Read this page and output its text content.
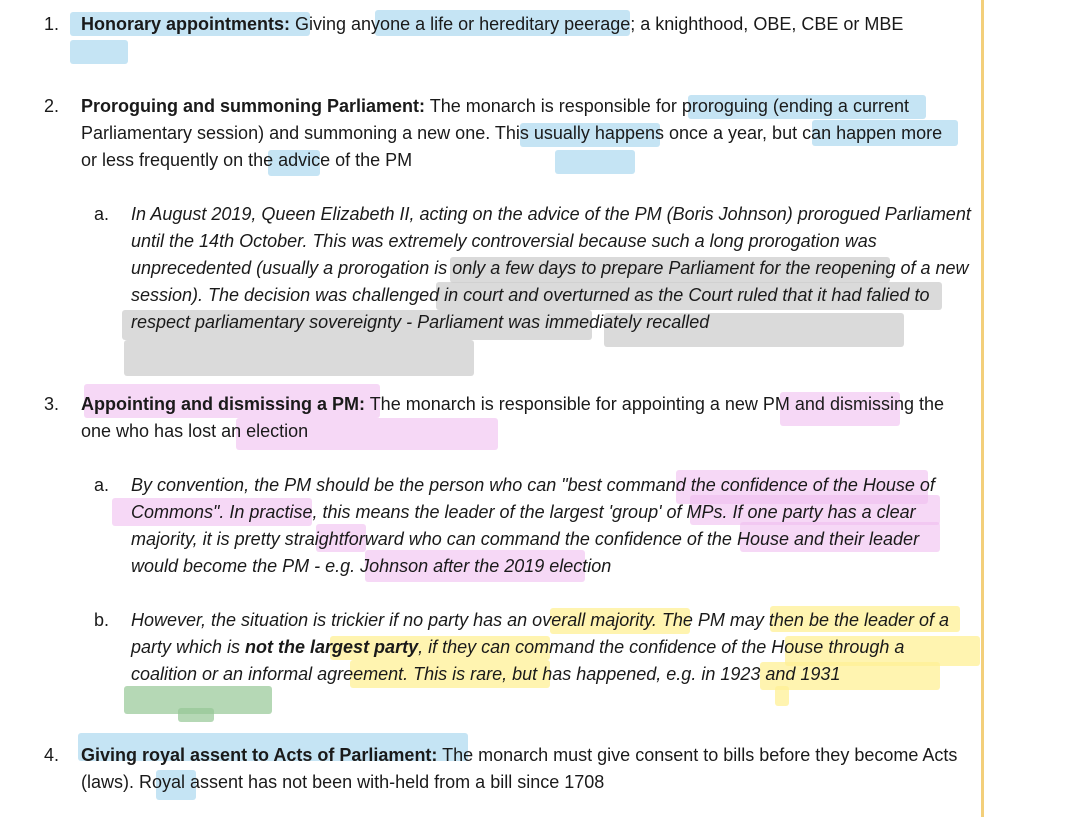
1. Honorary appointments: Giving anyone a life or hereditary peerage; a knighthood, OBE, CBE or MBE
2. Proroguing and summoning Parliament: The monarch is responsible for proroguing (ending a current Parliamentary session) and summoning a new one. This usually happens once a year, but can happen more or less frequently on the advice of the PM
a. In August 2019, Queen Elizabeth II, acting on the advice of the PM (Boris Johnson) prorogued Parliament until the 14th October. This was extremely controversial because such a long prorogation was unprecedented (usually a prorogation is only a few days to prepare Parliament for the reopening of a new session). The decision was challenged in court and overturned as the Court ruled that it had falied to respect parliamentary sovereignty - Parliament was immediately recalled
3. Appointing and dismissing a PM: The monarch is responsible for appointing a new PM and dismissing the one who has lost an election
a. By convention, the PM should be the person who can "best command the confidence of the House of Commons". In practise, this means the leader of the largest 'group' of MPs. If one party has a clear majority, it is pretty straightforward who can command the confidence of the House and their leader would become the PM - e.g. Johnson after the 2019 election
b. However, the situation is trickier if no party has an overall majority. The PM may then be the leader of a party which is not the largest party, if they can command the confidence of the House through a coalition or an informal agreement. This is rare, but has happened, e.g. in 1923 and 1931
4. Giving royal assent to Acts of Parliament: The monarch must give consent to bills before they become Acts (laws). Royal assent has not been with-held from a bill since 1708
